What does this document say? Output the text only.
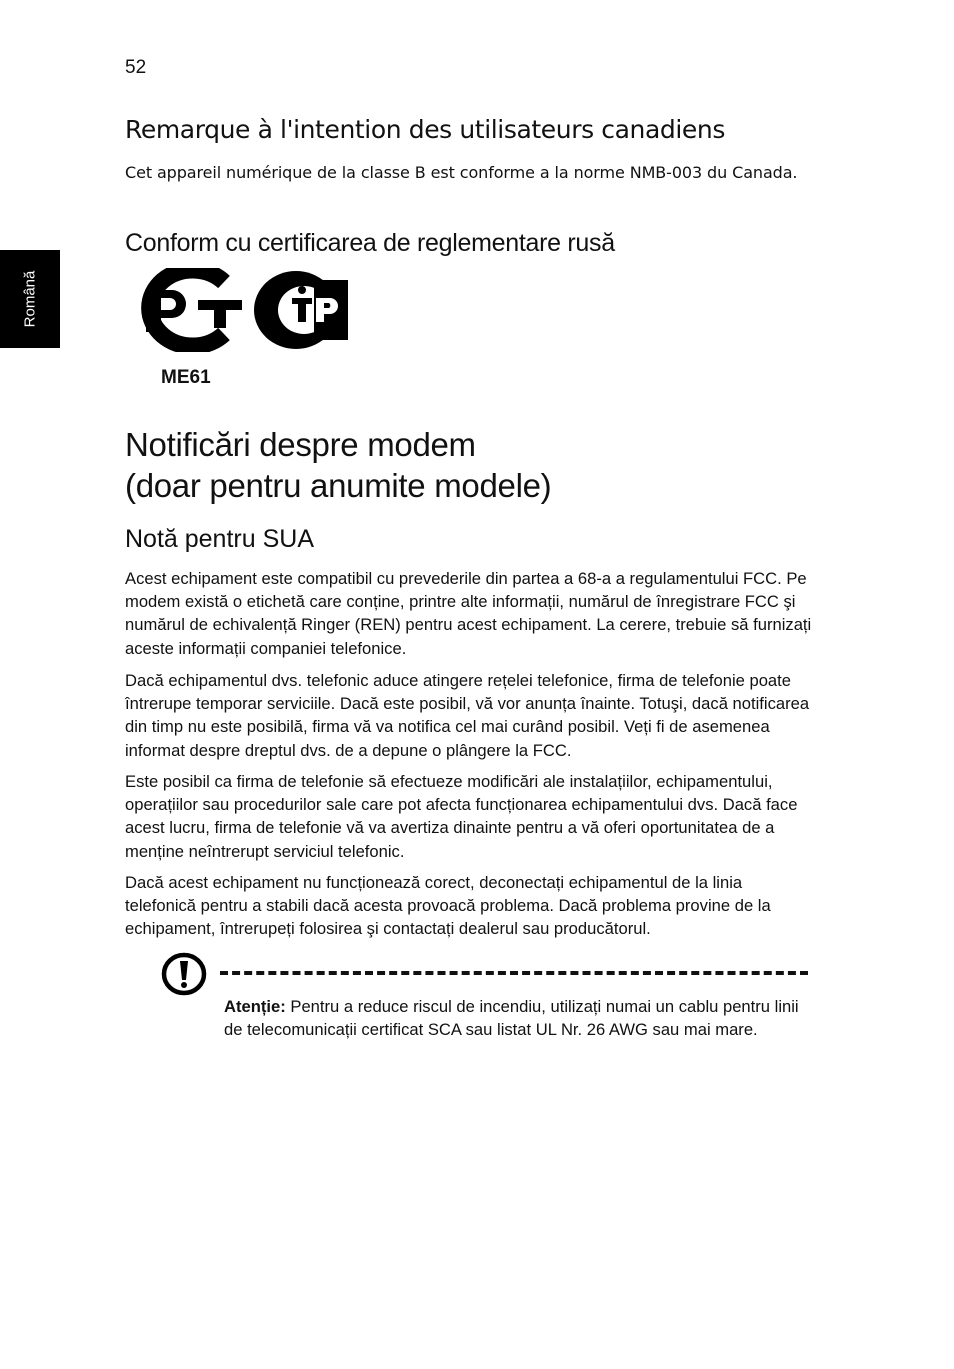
52
Română
Remarque à l'intention des utilisateurs canadiens
Cet appareil numérique de la classe B est conforme a la norme NMB-003 du Canada.
Conform cu certificarea de reglementare rusă
ME61
Notificări despre modem
(doar pentru anumite modele)
Notă pentru SUA
Acest echipament este compatibil cu prevederile din partea a 68-a a regulamentului FCC. Pe modem există o etichetă care conține, printre alte informații, numărul de înregistrare FCC şi numărul de echivalență Ringer (REN) pentru acest echipament. La cerere, trebuie să furnizați aceste informații companiei telefonice.
Dacă echipamentul dvs. telefonic aduce atingere rețelei telefonice, firma de telefonie poate întrerupe temporar serviciile. Dacă este posibil, vă vor anunța înainte. Totuşi, dacă notificarea din timp nu este posibilă, firma vă va notifica cel mai curând posibil. Veți fi de asemenea informat despre dreptul dvs. de a depune o plângere la FCC.
Este posibil ca firma de telefonie să efectueze modificări ale instalațiilor, echipamentului, operațiilor sau procedurilor sale care pot afecta funcționarea echipamentului dvs. Dacă face acest lucru, firma de telefonie vă va avertiza dinainte pentru a vă oferi oportunitatea de a menține neîntrerupt serviciul telefonic.
Dacă acest echipament nu funcționează corect, deconectați echipamentul de la linia telefonică pentru a stabili dacă acesta provoacă problema. Dacă problema provine de la echipament, întrerupeți folosirea şi contactați dealerul sau producătorul.
Atenție: Pentru a reduce riscul de incendiu, utilizați numai un cablu pentru linii de telecomunicații certificat SCA sau listat UL Nr. 26 AWG sau mai mare.
